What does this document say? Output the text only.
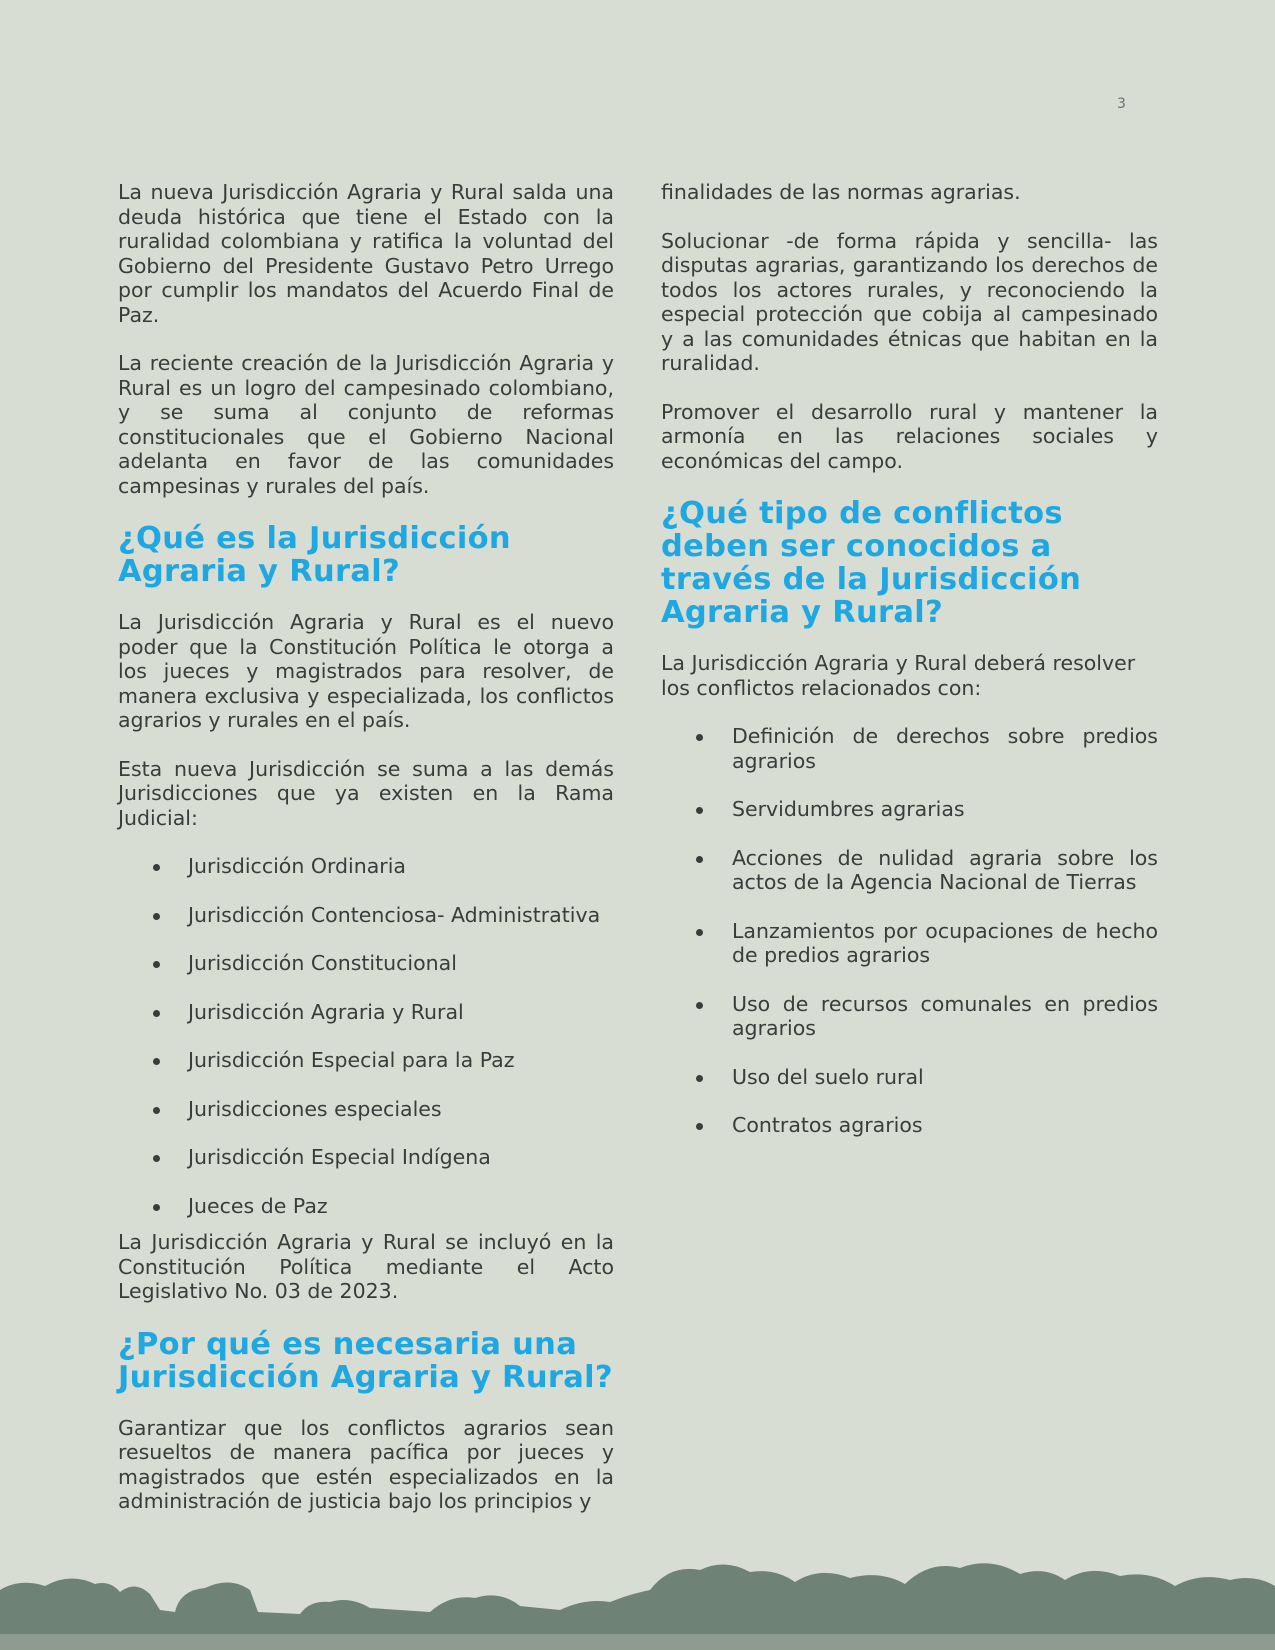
3

La nueva Jurisdicción Agraria y Rural salda una deuda histórica que tiene el Estado con la ruralidad colombiana y ratifica la voluntad del Gobierno del Presidente Gustavo Petro Urrego por cumplir los mandatos del Acuerdo Final de Paz.

La reciente creación de la Jurisdicción Agraria y Rural es un logro del campesinado colombiano, y se suma al conjunto de reformas constitucionales que el Gobierno Nacional adelanta en favor de las comunidades campesinas y rurales del país.

¿Qué es la Jurisdicción Agraria y Rural?

La Jurisdicción Agraria y Rural es el nuevo poder que la Constitución Política le otorga a los jueces y magistrados para resolver, de manera exclusiva y especializada, los conflictos agrarios y rurales en el país.

Esta nueva Jurisdicción se suma a las demás Jurisdicciones que ya existen en la Rama Judicial:

Jurisdicción Ordinaria
Jurisdicción Contenciosa- Administrativa
Jurisdicción Constitucional
Jurisdicción Agraria y Rural
Jurisdicción Especial para la Paz
Jurisdicciones especiales
Jurisdicción Especial Indígena
Jueces de Paz

La Jurisdicción Agraria y Rural se incluyó en la Constitución Política mediante el Acto Legislativo No. 03 de 2023.

¿Por qué es necesaria una Jurisdicción Agraria y Rural?

Garantizar que los conflictos agrarios sean resueltos de manera pacífica por jueces y magistrados que estén especializados en la administración de justicia bajo los principios y

finalidades de las normas agrarias.

Solucionar -de forma rápida y sencilla- las disputas agrarias, garantizando los derechos de todos los actores rurales, y reconociendo la especial protección que cobija al campesinado y a las comunidades étnicas que habitan en la ruralidad.

Promover el desarrollo rural y mantener la armonía en las relaciones sociales y económicas del campo.

¿Qué tipo de conflictos deben ser conocidos a través de la Jurisdicción Agraria y Rural?

La Jurisdicción Agraria y Rural deberá resolver los conflictos relacionados con:

Definición de derechos sobre predios agrarios
Servidumbres agrarias
Acciones de nulidad agraria sobre los actos de la Agencia Nacional de Tierras
Lanzamientos por ocupaciones de hecho de predios agrarios
Uso de recursos comunales en predios agrarios
Uso del suelo rural
Contratos agrarios
